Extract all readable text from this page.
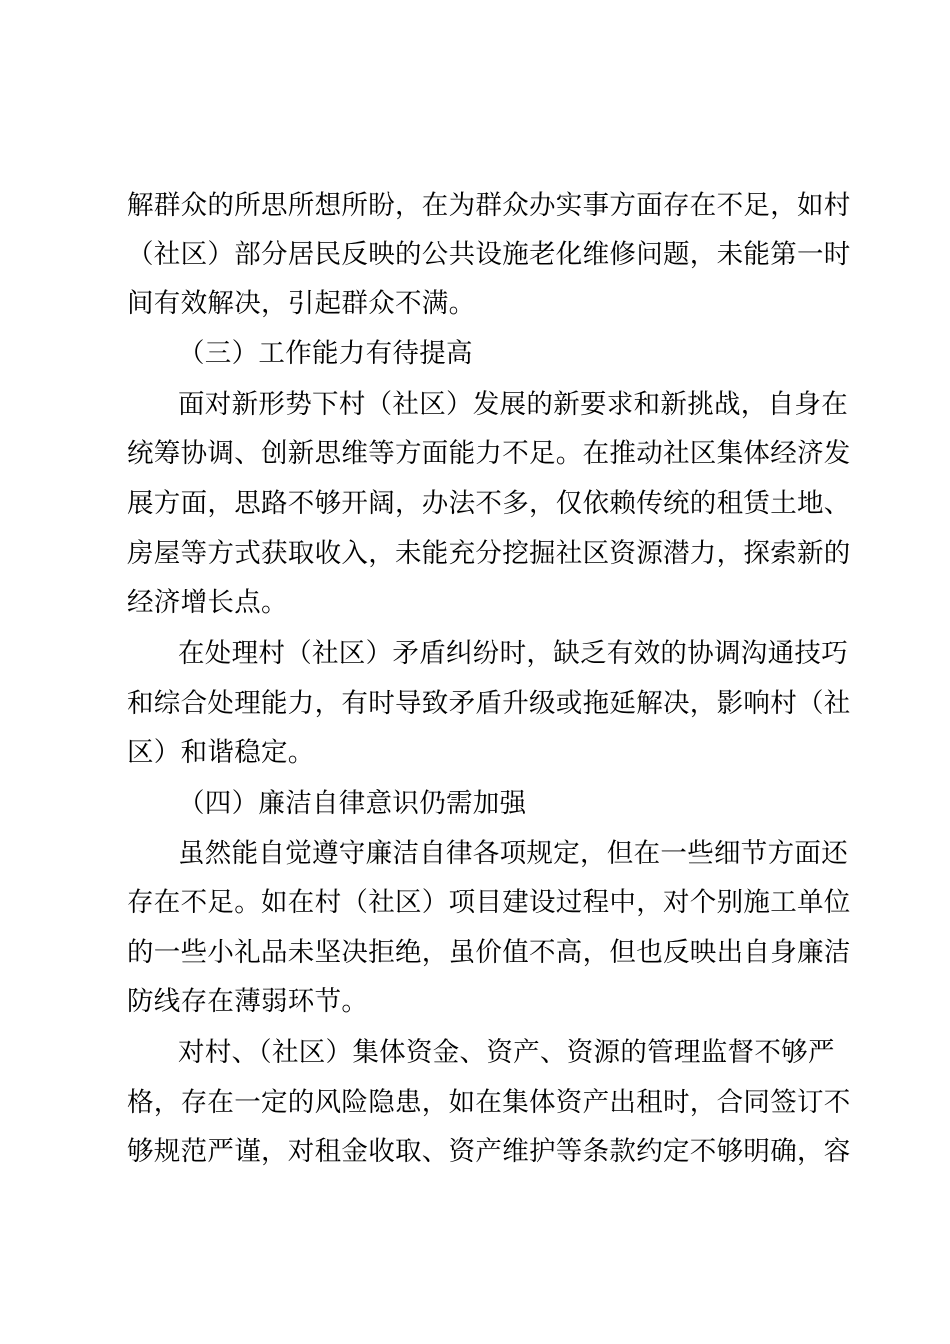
解群众的所思所想所盼，在为群众办实事方面存在不足，如村
（社区）部分居民反映的公共设施老化维修问题，未能第一时
间有效解决，引起群众不满。
（三）工作能力有待提高
面对新形势下村（社区）发展的新要求和新挑战，自身在
统筹协调、创新思维等方面能力不足。在推动社区集体经济发
展方面，思路不够开阔，办法不多，仅依赖传统的租赁土地、
房屋等方式获取收入，未能充分挖掘社区资源潜力，探索新的
经济增长点。
在处理村（社区）矛盾纠纷时，缺乏有效的协调沟通技巧
和综合处理能力，有时导致矛盾升级或拖延解决，影响村（社
区）和谐稳定。
（四）廉洁自律意识仍需加强
虽然能自觉遵守廉洁自律各项规定，但在一些细节方面还
存在不足。如在村（社区）项目建设过程中，对个别施工单位
的一些小礼品未坚决拒绝，虽价值不高，但也反映出自身廉洁
防线存在薄弱环节。
对村、（社区）集体资金、资产、资源的管理监督不够严
格，存在一定的风险隐患，如在集体资产出租时，合同签订不
够规范严谨，对租金收取、资产维护等条款约定不够明确，容
